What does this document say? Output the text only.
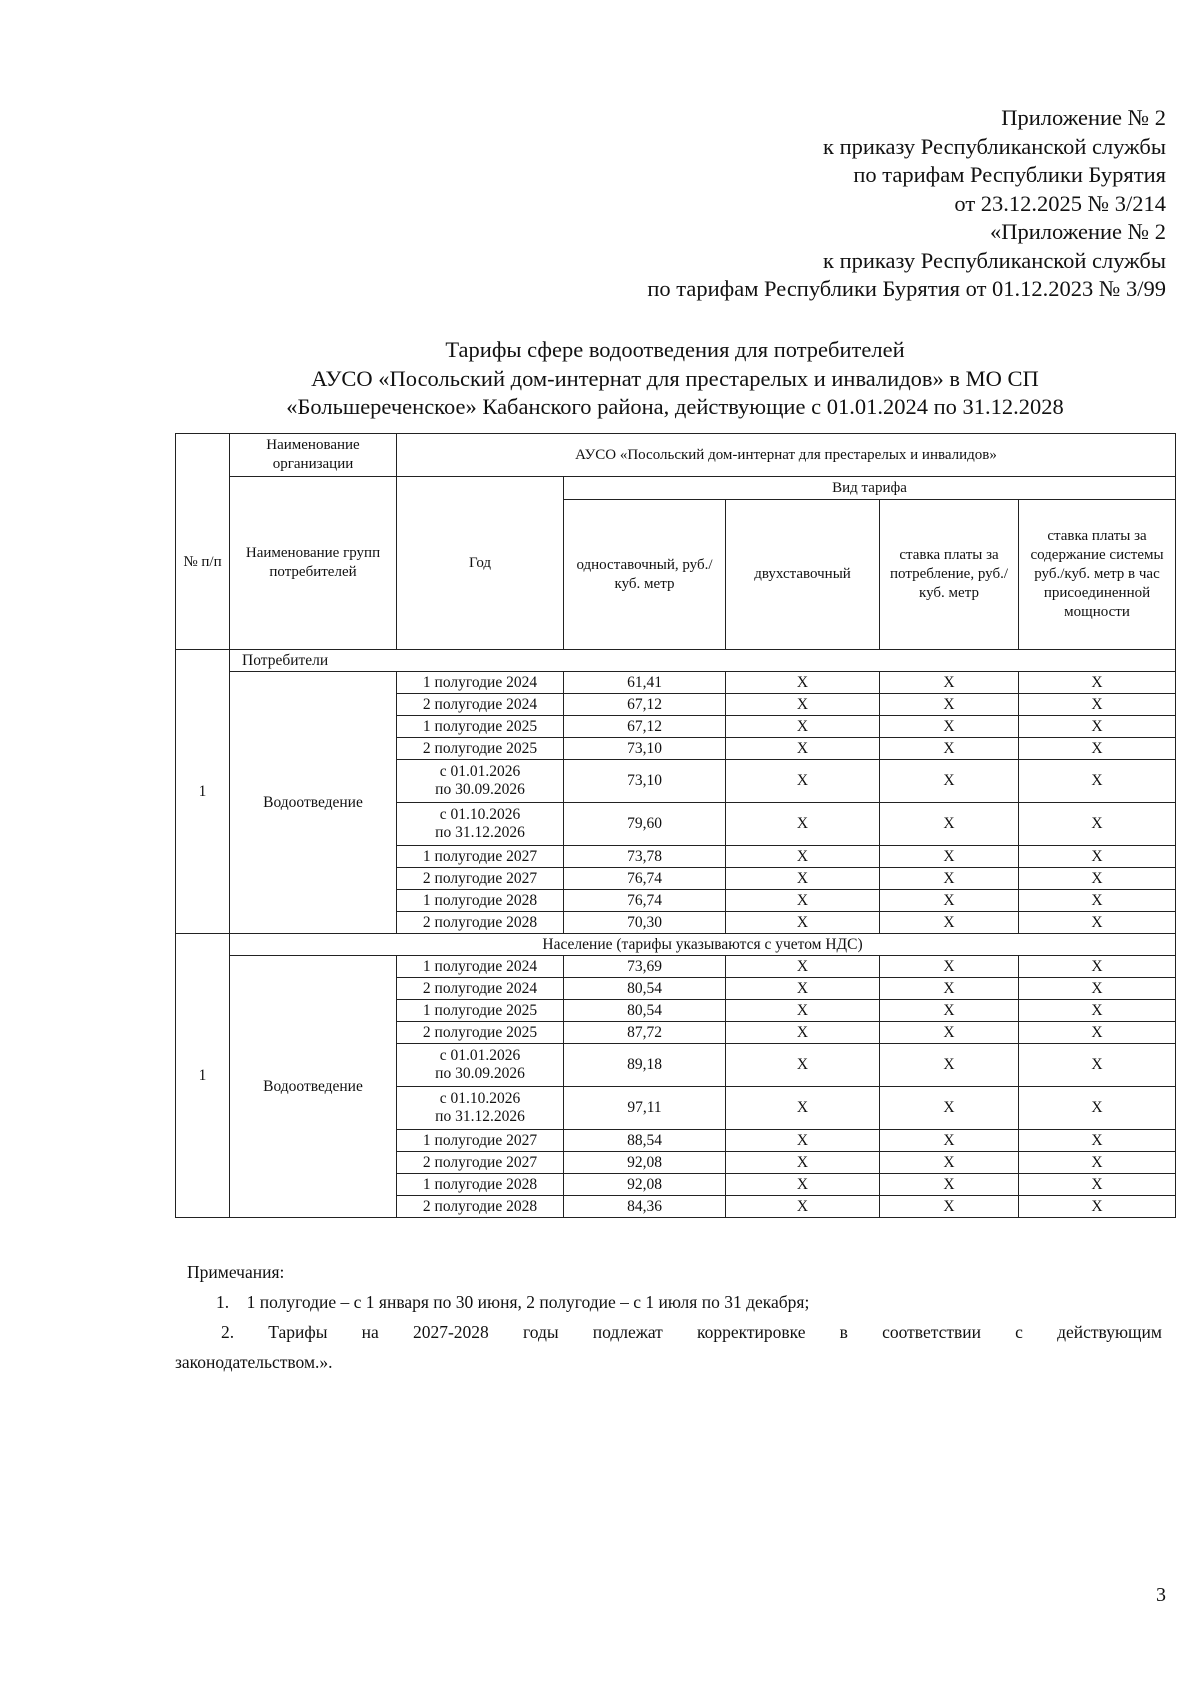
Приложение № 2
к приказу Республиканской службы
по тарифам Республики Бурятия
от 23.12.2025 № 3/214
«Приложение № 2
к приказу Республиканской службы
по тарифам Республики Бурятия от 01.12.2023 № 3/99
Тарифы сфере водоотведения для потребителей
АУСО «Посольский дом-интернат для престарелых и инвалидов» в МО СП
«Большереченское» Кабанского района, действующие с 01.01.2024 по 31.12.2028
	Наименование организации	АУСО «Посольский дом-интернат для престарелых и инвалидов»				
№ п/п	Наименование групп потребителей	Год	Вид тарифа			
			одноставочный, руб./ куб. метр	двухставочный	ставка платы за потребление, руб./ куб. метр	ставка платы за содержание системы руб./куб. метр в час присоединенной мощности
1	Потребители					
	Водоотведение	1 полугодие 2024	61,41	X	X	X

		2 полугодие 2024	67,12	X	X	X

		1 полугодие 2025	67,12	X	X	X

		2 полугодие 2025	73,10	X	X	X

		с 01.01.2026
по 30.09.2026	73,10	X	X	X

		с 01.10.2026
по 31.12.2026	79,60	X	X	X

		1 полугодие 2027	73,78	X	X	X

		2 полугодие 2027	76,74	X	X	X

		1 полугодие 2028	76,74	X	X	X

		2 полугодие 2028	70,30	X	X	X
1	Население (тарифы указываются с учетом НДС)					
	Водоотведение	1 полугодие 2024	73,69	X	X	X

		2 полугодие 2024	80,54	X	X	X

		1 полугодие 2025	80,54	X	X	X

		2 полугодие 2025	87,72	X	X	X

		с 01.01.2026
по 30.09.2026	89,18	X	X	X

		с 01.10.2026
по 31.12.2026	97,11	X	X	X

		1 полугодие 2027	88,54	X	X	X

		2 полугодие 2027	92,08	X	X	X

		1 полугодие 2028	92,08	X	X	X

		2 полугодие 2028	84,36	X	X	X
Примечания:
1. 1 полугодие – с 1 января по 30 июня, 2 полугодие – с 1 июля по 31 декабря;
2. Тарифы на 2027-2028 годы подлежат корректировке в соответствии с действующим
законодательством.».
3
